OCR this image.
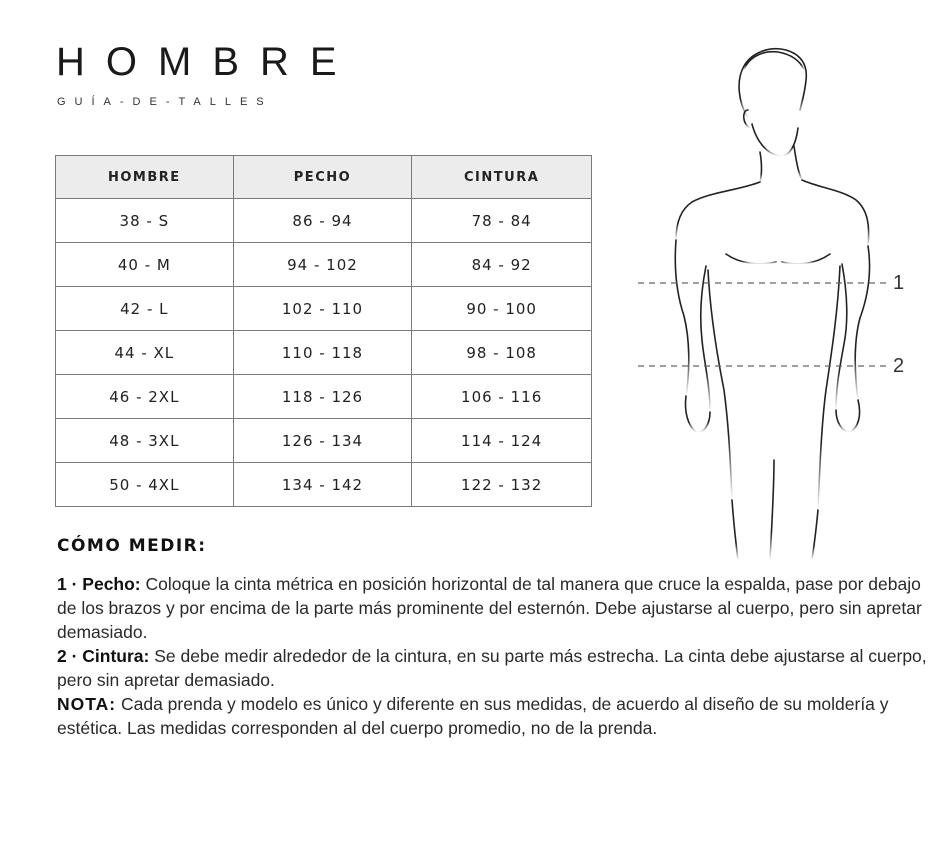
HOMBRE
GUÍA-DE-TALLES
HOMBRE	PECHO	CINTURA
38 - S	86 - 94	78 - 84
40 - M	94 - 102	84 - 92
42 - L	102 - 110	90 - 100
44 - XL	110 - 118	98 - 108
46 - 2XL	118 - 126	106 - 116
48 - 3XL	126 - 134	114 - 124
50 - 4XL	134 - 142	122 - 132
1
2
CÓMO MEDIR:

1 · Pecho: Coloque la cinta métrica en posición horizontal de tal manera que cruce la espalda, pase por debajo de los brazos y por encima de la parte más prominente del esternón. Debe ajustarse al cuerpo, pero sin apretar demasiado.

2 · Cintura: Se debe medir alrededor de la cintura, en su parte más estrecha. La cinta debe ajustarse al cuerpo, pero sin apretar demasiado.

NOTA: Cada prenda y modelo es único y diferente en sus medidas, de acuerdo al diseño de su moldería y estética. Las medidas corresponden al del cuerpo promedio, no de la prenda.
